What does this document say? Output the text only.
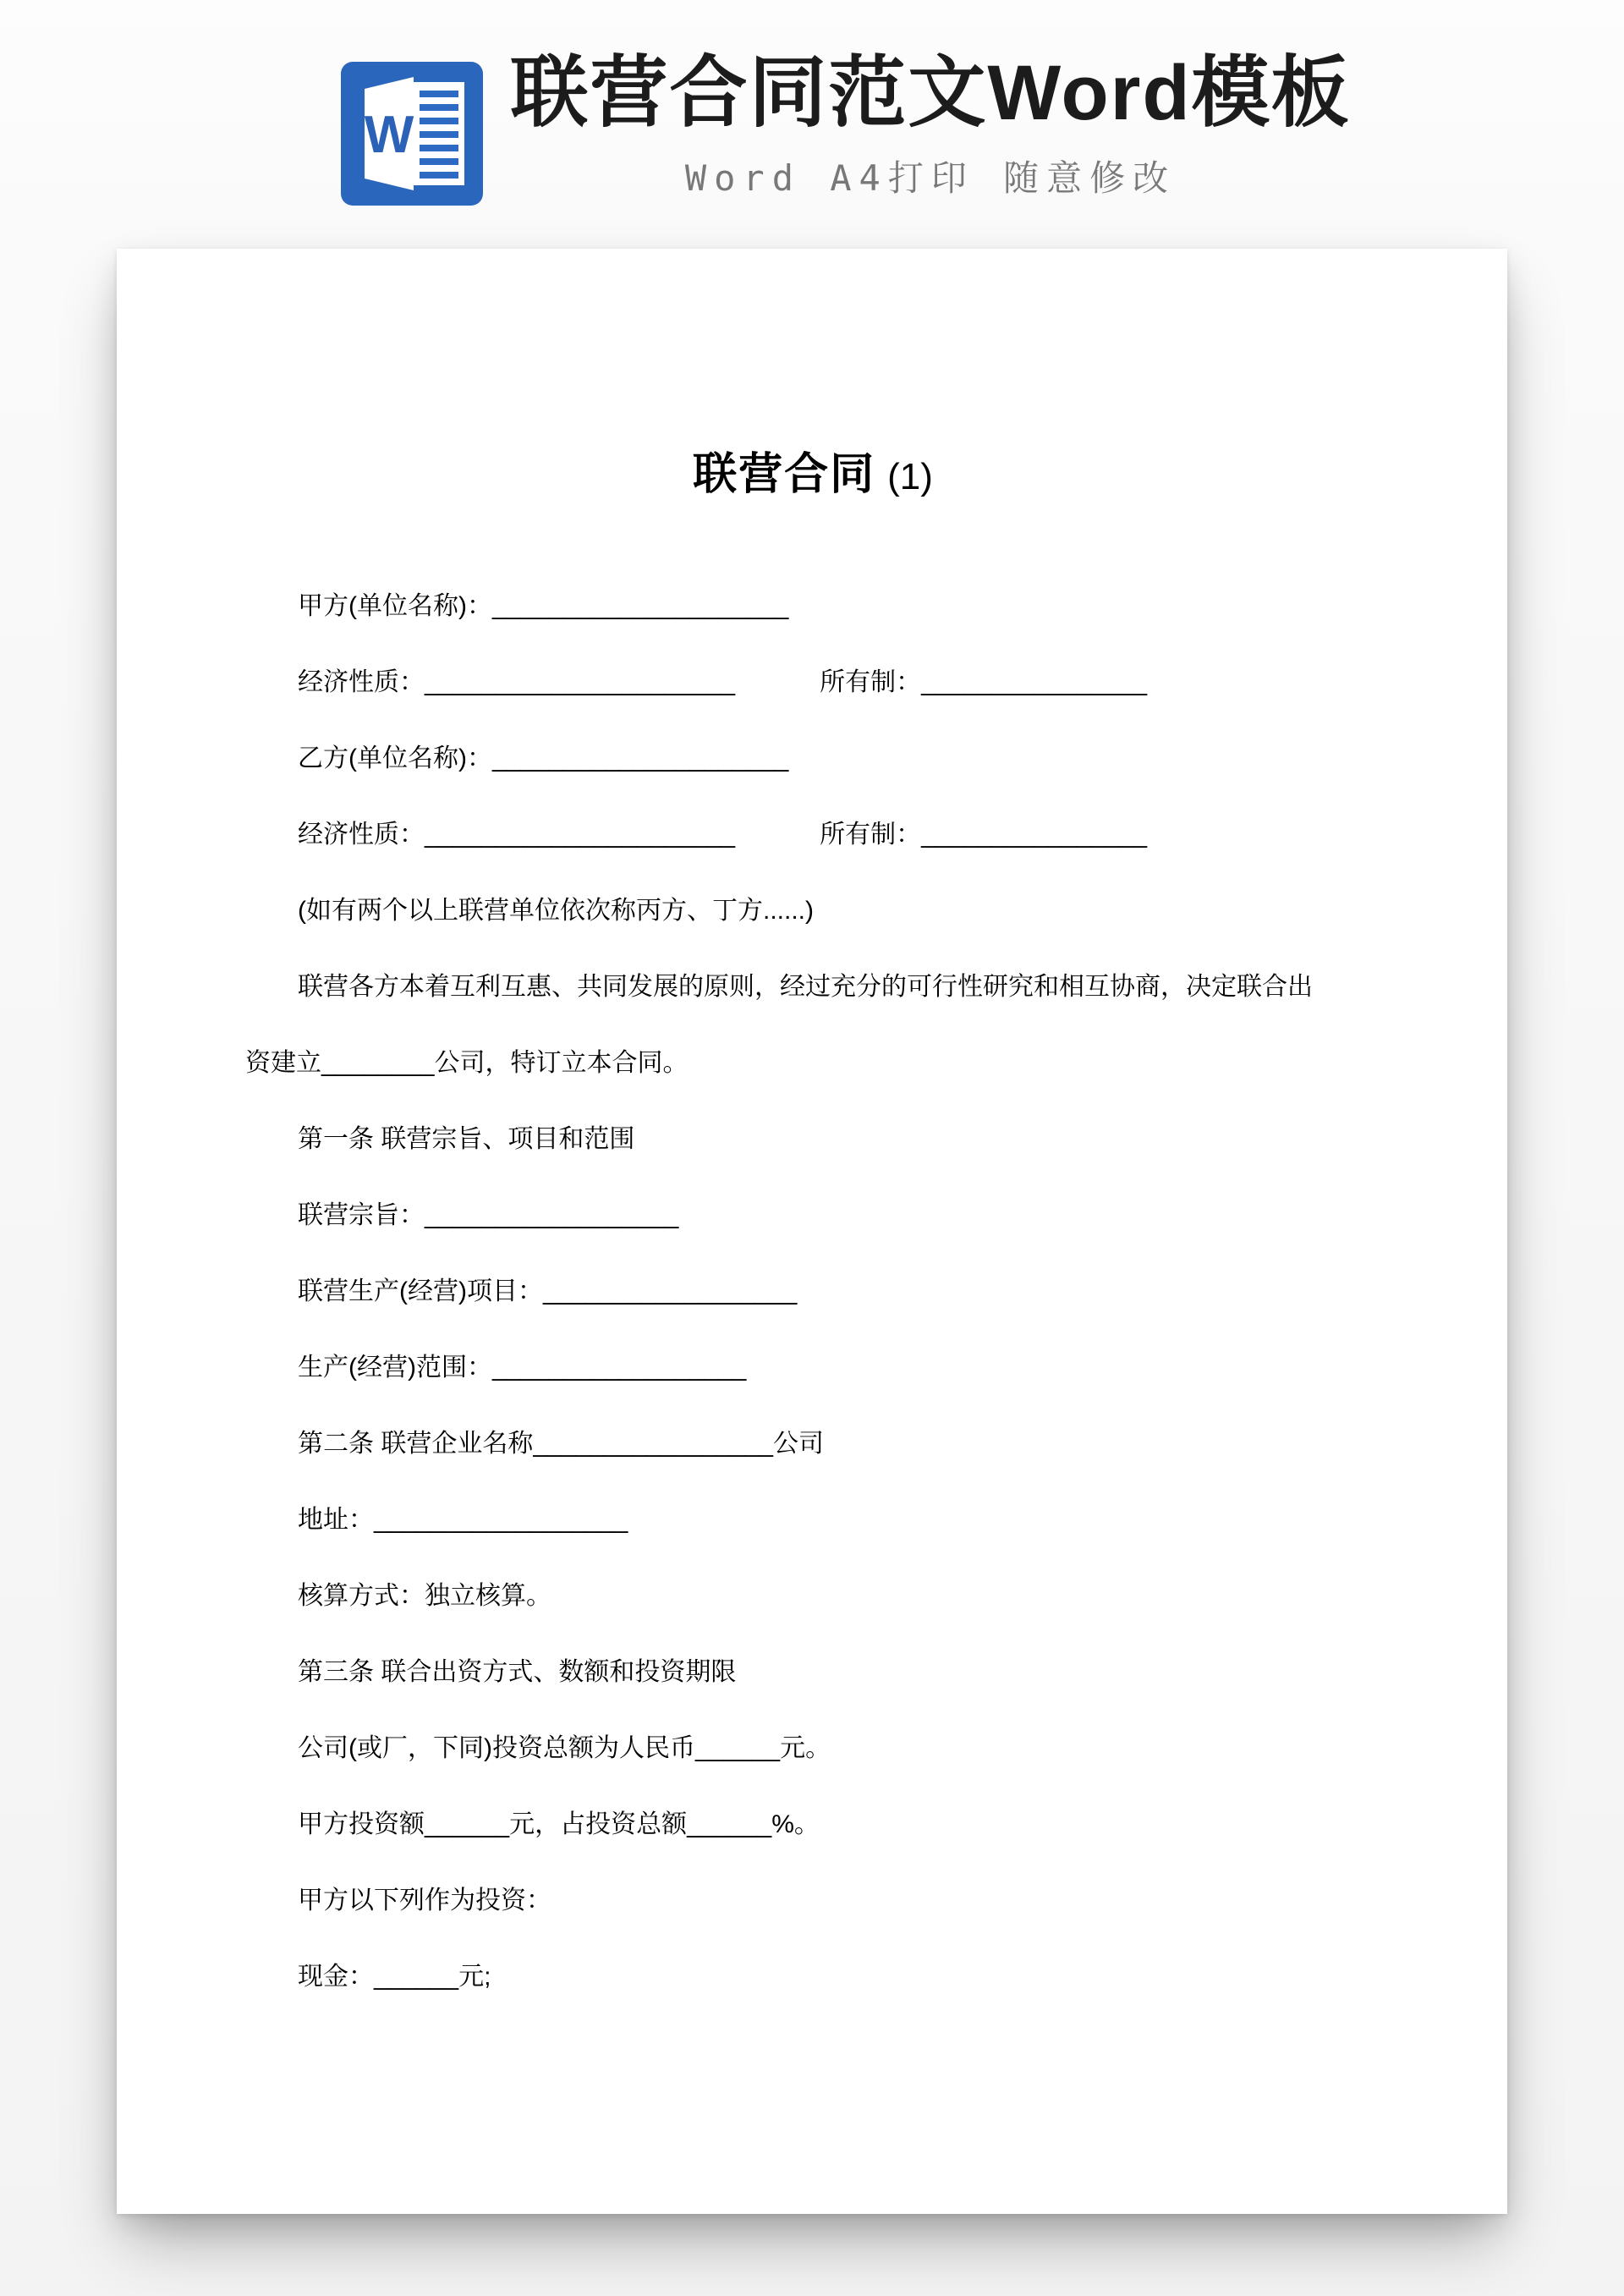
W 联营合同范文Word模板
Word A4打印 随意修改
联营合同 (1)

甲方(单位名称)：_____________________

经济性质：______________________            所有制：________________

乙方(单位名称)：_____________________

经济性质：______________________            所有制：________________

(如有两个以上联营单位依次称丙方、丁方......)

联营各方本着互利互惠、共同发展的原则，经过充分的可行性研究和相互协商，决定联合出

资建立________公司，特订立本合同。

第一条 联营宗旨、项目和范围

联营宗旨：__________________

联营生产(经营)项目：__________________

生产(经营)范围：__________________

第二条 联营企业名称_________________公司

地址：__________________

核算方式：独立核算。

第三条 联合出资方式、数额和投资期限

公司(或厂，下同)投资总额为人民币______元。

甲方投资额______元，占投资总额______%。

甲方以下列作为投资：

现金：______元;
